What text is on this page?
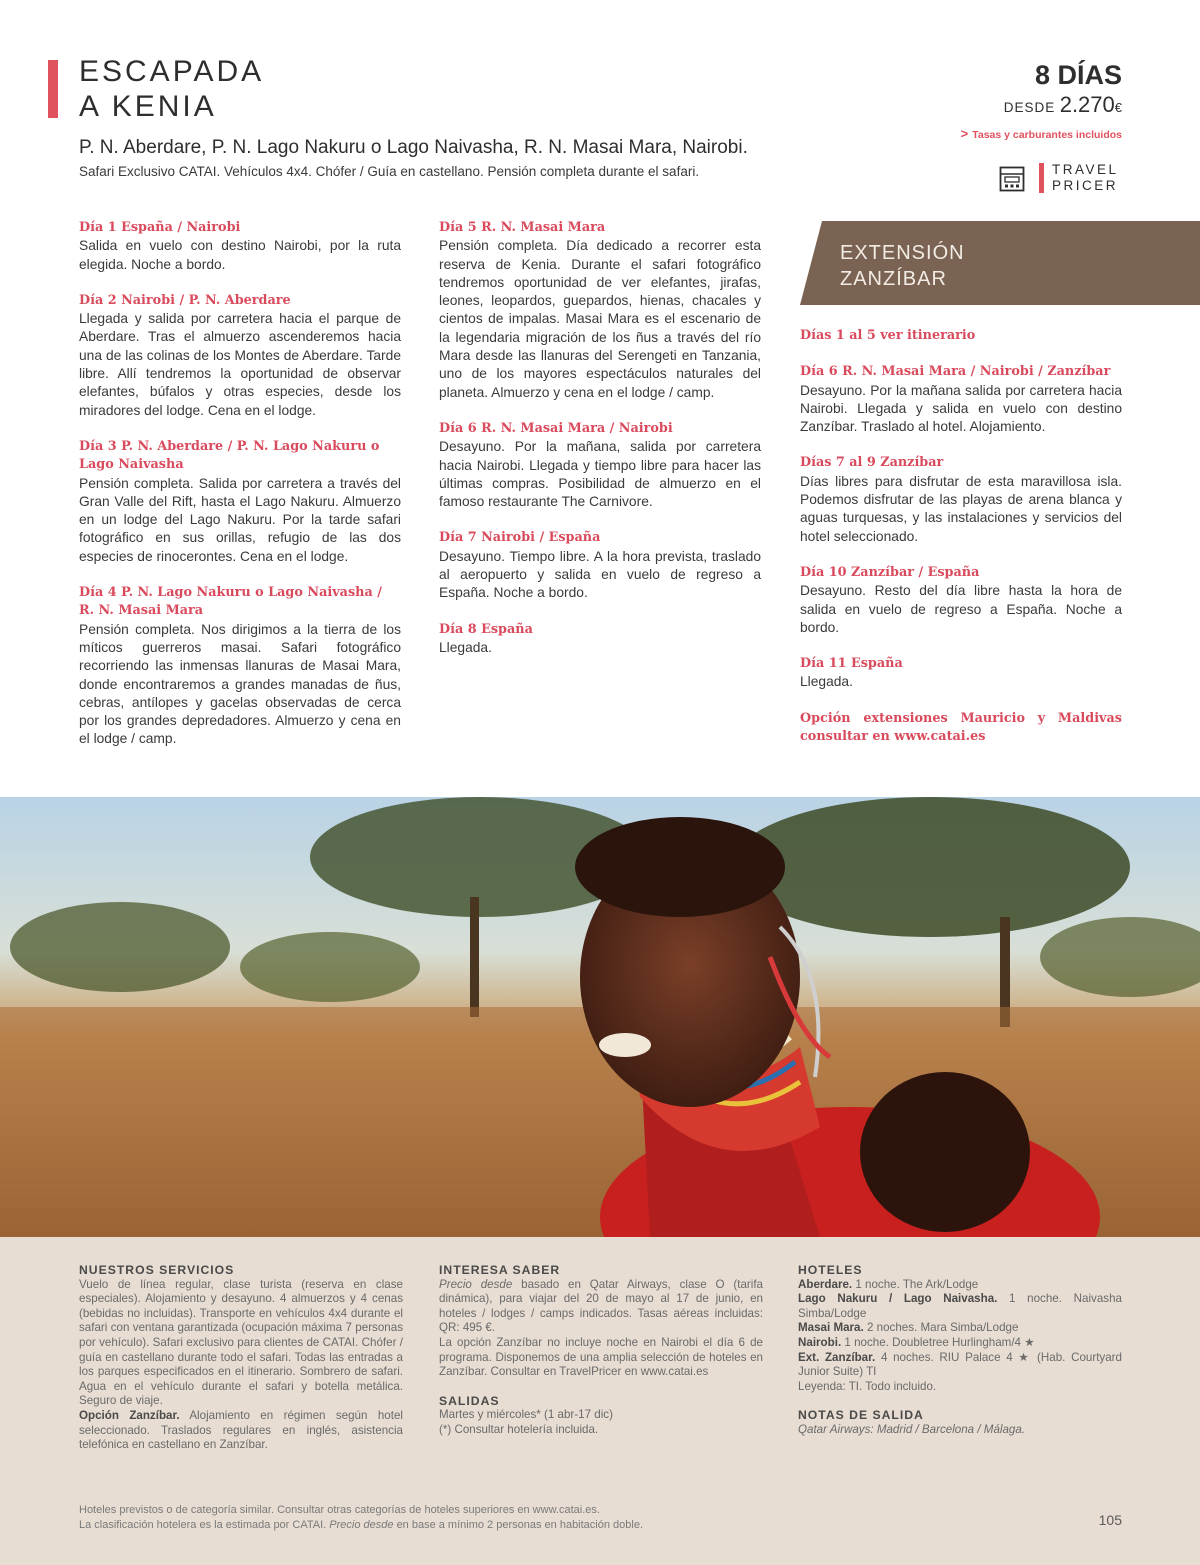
ESCAPADA
A KENIA
P. N. Aberdare, P. N. Lago Nakuru o Lago Naivasha, R. N. Masai Mara, Nairobi.
Safari Exclusivo CATAI. Vehículos 4x4. Chófer / Guía en castellano. Pensión completa durante el safari.
8 DÍAS
DESDE 2.270€
> Tasas y carburantes incluidos
TRAVEL
PRICER
Día 1 España / Nairobi
Salida en vuelo con destino Nairobi, por la ruta elegida. Noche a bordo.
Día 2 Nairobi / P. N. Aberdare
Llegada y salida por carretera hacia el parque de Aberdare. Tras el almuerzo ascenderemos hacia una de las colinas de los Montes de Aberdare. Tarde libre. Allí tendremos la oportunidad de observar elefantes, búfalos y otras especies, desde los miradores del lodge. Cena en el lodge.
Día 3 P. N. Aberdare / P. N. Lago Nakuru o Lago Naivasha
Pensión completa. Salida por carretera a través del Gran Valle del Rift, hasta el Lago Nakuru. Almuerzo en un lodge del Lago Nakuru. Por la tarde safari fotográfico en sus orillas, refugio de las dos especies de rinocerontes. Cena en el lodge.
Día 4 P. N. Lago Nakuru o Lago Naivasha / R. N. Masai Mara
Pensión completa. Nos dirigimos a la tierra de los míticos guerreros masai. Safari fotográfico recorriendo las inmensas llanuras de Masai Mara, donde encontraremos a grandes manadas de ñus, cebras, antílopes y gacelas observadas de cerca por los grandes depredadores. Almuerzo y cena en el lodge / camp.
Día 5 R. N. Masai Mara
Pensión completa. Día dedicado a recorrer esta reserva de Kenia. Durante el safari fotográfico tendremos oportunidad de ver elefantes, jirafas, leones, leopardos, guepardos, hienas, chacales y cientos de impalas. Masai Mara es el escenario de la legendaria migración de los ñus a través del río Mara desde las llanuras del Serengeti en Tanzania, uno de los mayores espectáculos naturales del planeta. Almuerzo y cena en el lodge / camp.
Día 6 R. N. Masai Mara / Nairobi
Desayuno. Por la mañana, salida por carretera hacia Nairobi. Llegada y tiempo libre para hacer las últimas compras. Posibilidad de almuerzo en el famoso restaurante The Carnivore.
Día 7 Nairobi / España
Desayuno. Tiempo libre. A la hora prevista, traslado al aeropuerto y salida en vuelo de regreso a España. Noche a bordo.
Día 8 España
Llegada.
EXTENSIÓN
ZANZÍBAR
Días 1 al 5 ver itinerario
Día 6 R. N. Masai Mara / Nairobi / Zanzíbar
Desayuno. Por la mañana salida por carretera hacia Nairobi. Llegada y salida en vuelo con destino Zanzíbar. Traslado al hotel. Alojamiento.
Días 7 al 9 Zanzíbar
Días libres para disfrutar de esta maravillosa isla. Podemos disfrutar de las playas de arena blanca y aguas turquesas, y las instalaciones y servicios del hotel seleccionado.
Día 10 Zanzíbar / España
Desayuno. Resto del día libre hasta la hora de salida en vuelo de regreso a España. Noche a bordo.
Día 11 España
Llegada.
Opción extensiones Mauricio y Maldivas consultar en www.catai.es
NUESTROS SERVICIOS
Vuelo de línea regular, clase turista (reserva en clase especiales). Alojamiento y desayuno. 4 almuerzos y 4 cenas (bebidas no incluidas). Transporte en vehículos 4x4 durante el safari con ventana garantizada (ocupación máxima 7 personas por vehículo). Safari exclusivo para clientes de CATAI. Chófer / guía en castellano durante todo el safari. Todas las entradas a los parques especificados en el itinerario. Sombrero de safari. Agua en el vehículo durante el safari y botella metálica. Seguro de viaje.
Opción Zanzíbar. Alojamiento en régimen según hotel seleccionado. Traslados regulares en inglés, asistencia telefónica en castellano en Zanzíbar.
INTERESA SABER
Precio desde basado en Qatar Airways, clase O (tarifa dinámica), para viajar del 20 de mayo al 17 de junio, en hoteles / lodges / camps indicados. Tasas aéreas incluidas: QR: 495 €.
La opción Zanzíbar no incluye noche en Nairobi el día 6 de programa. Disponemos de una amplia selección de hoteles en Zanzíbar. Consultar en TravelPricer en www.catai.es
SALIDAS
Martes y miércoles* (1 abr-17 dic)
(*) Consultar hotelería incluida.
HOTELES
Aberdare. 1 noche. The Ark/Lodge
Lago Nakuru / Lago Naivasha. 1 noche. Naivasha Simba/Lodge
Masai Mara. 2 noches. Mara Simba/Lodge
Nairobi. 1 noche. Doubletree Hurlingham/4 ★
Ext. Zanzíbar. 4 noches. RIU Palace 4 ★ (Hab. Courtyard Junior Suite) TI
Leyenda: TI. Todo incluido.
NOTAS DE SALIDA
Qatar Airways: Madrid / Barcelona / Málaga.
Hoteles previstos o de categoría similar. Consultar otras categorías de hoteles superiores en www.catai.es.
La clasificación hotelera es la estimada por CATAI. Precio desde en base a mínimo 2 personas en habitación doble.	105
